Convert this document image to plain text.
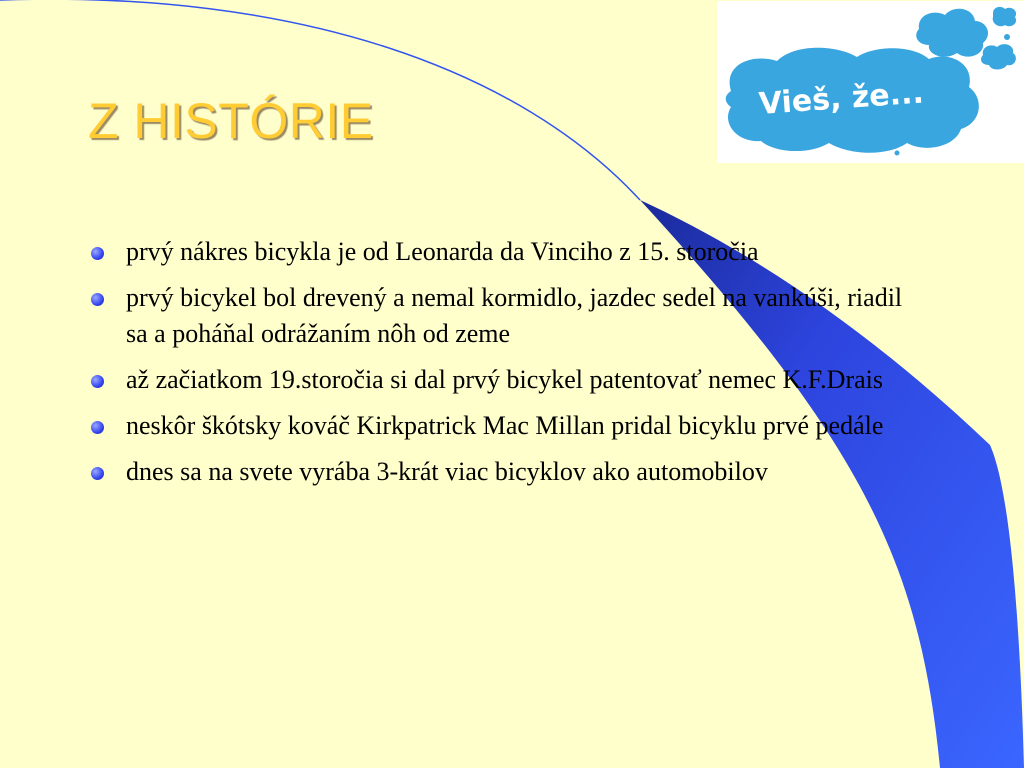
Vieš, že...

Z HISTÓRIE
prvý nákres bicykla je od Leonarda da Vinciho z 15. storočia
prvý bicykel bol drevený a nemal kormidlo, jazdec sedel na vankúši, riadil sa a poháňal odrážaním nôh od zeme
až začiatkom 19.storočia si dal prvý bicykel patentovať nemec K.F.Drais
neskôr škótsky kováč Kirkpatrick Mac Millan pridal bicyklu prvé pedále
dnes sa na svete vyrába 3-krát viac bicyklov ako automobilov
